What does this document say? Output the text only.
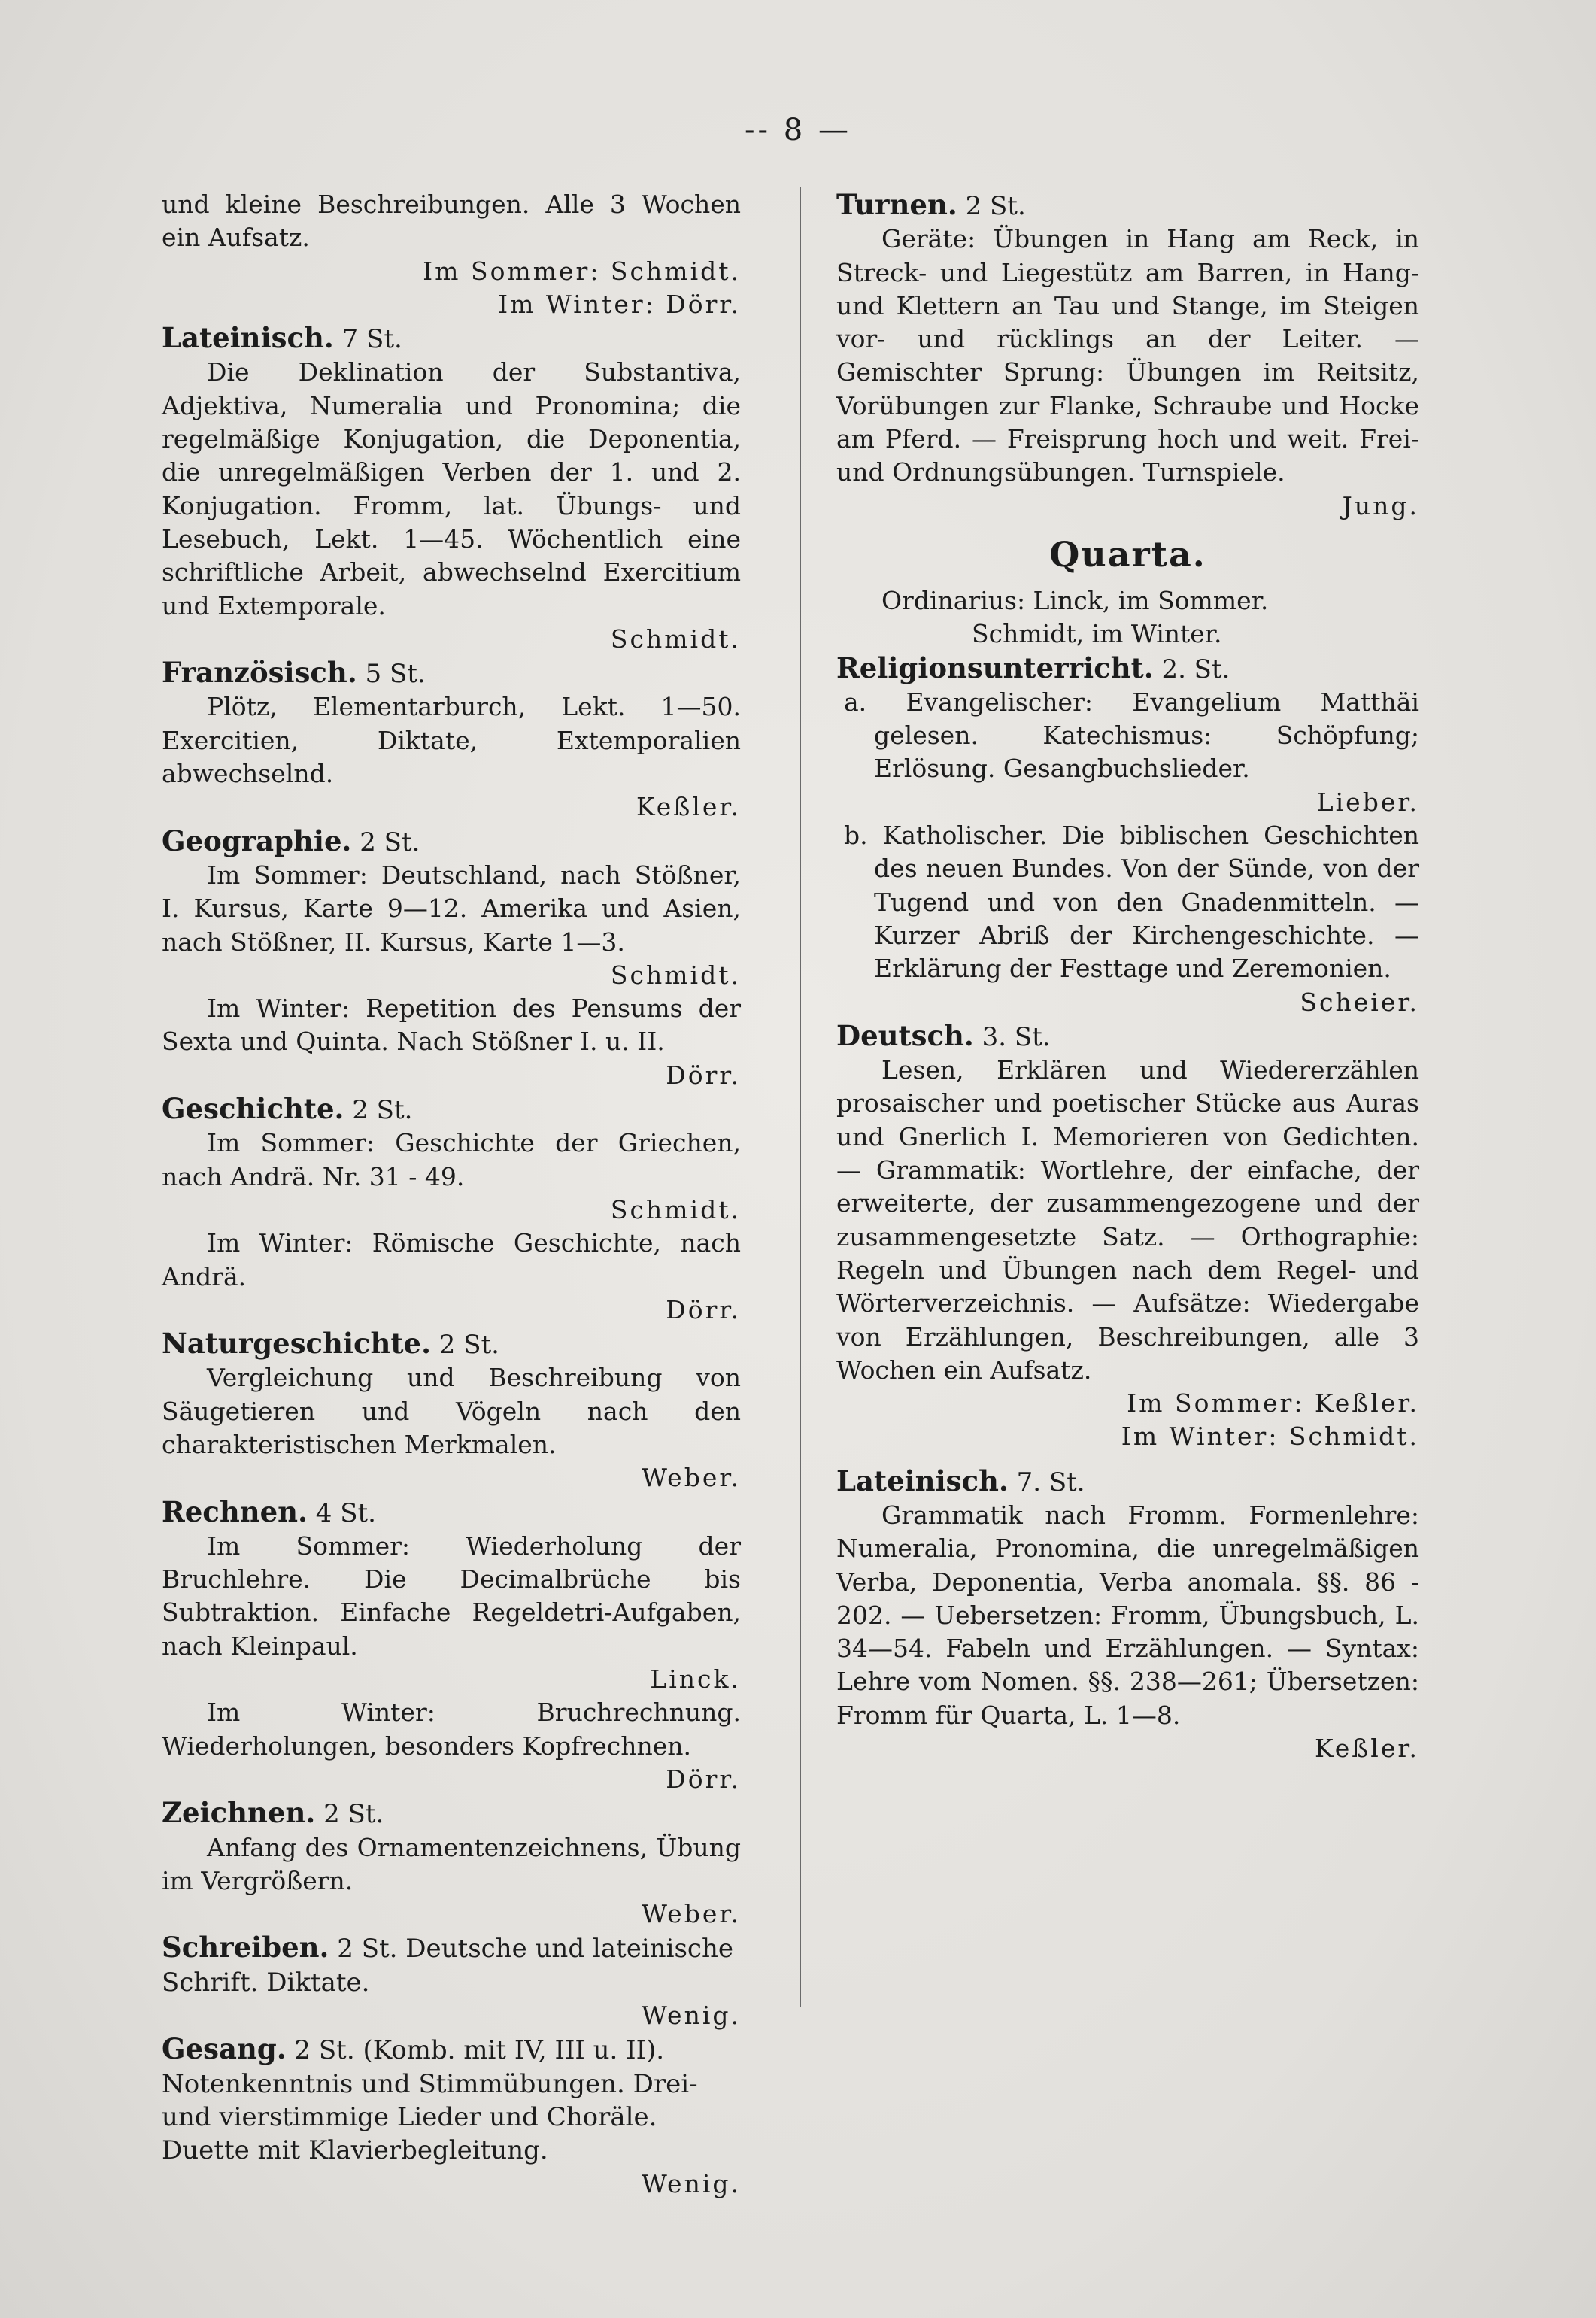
-- 8 —

und kleine Beschreibungen. Alle 3 Wochen ein Aufsatz.

Im Sommer: Schmidt.

Im Winter: Dörr.

Lateinisch. 7 St.

Die Deklination der Substantiva, Adjektiva, Numeralia und Pronomina; die regelmäßige Konjugation, die Deponentia, die unregelmäßigen Verben der 1. und 2. Konjugation. Fromm, lat. Übungs- und Lesebuch, Lekt. 1—45. Wöchentlich eine schriftliche Arbeit, abwechselnd Exercitium und Extemporale.

Schmidt.

Französisch. 5 St.

Plötz, Elementarburch, Lekt. 1—50. Exercitien, Diktate, Extemporalien abwechselnd.

Keßler.

Geographie. 2 St.

Im Sommer: Deutschland, nach Stößner, I. Kursus, Karte 9—12. Amerika und Asien, nach Stößner, II. Kursus, Karte 1—3.

Schmidt.

Im Winter: Repetition des Pensums der Sexta und Quinta. Nach Stößner I. u. II.

Dörr.

Geschichte. 2 St.

Im Sommer: Geschichte der Griechen, nach Andrä. Nr. 31 - 49.

Schmidt.

Im Winter: Römische Geschichte, nach Andrä.

Dörr.

Naturgeschichte. 2 St.

Vergleichung und Beschreibung von Säugetieren und Vögeln nach den charakteristischen Merkmalen.

Weber.

Rechnen. 4 St.

Im Sommer: Wiederholung der Bruchlehre. Die Decimalbrüche bis Subtraktion. Einfache Regeldetri-Aufgaben, nach Kleinpaul.

Linck.

Im Winter: Bruchrechnung. Wiederholungen, besonders Kopfrechnen.

Dörr.

Zeichnen. 2 St.

Anfang des Ornamentenzeichnens, Übung im Vergrößern.

Weber.

Schreiben. 2 St. Deutsche und lateinische Schrift. Diktate.

Wenig.

Gesang. 2 St. (Komb. mit IV, III u. II). Notenkenntnis und Stimmübungen. Drei- und vierstimmige Lieder und Choräle. Duette mit Klavierbegleitung.

Wenig.

Turnen. 2 St.

Geräte: Übungen in Hang am Reck, in Streck- und Liegestütz am Barren, in Hang- und Klettern an Tau und Stange, im Steigen vor- und rücklings an der Leiter. — Gemischter Sprung: Übungen im Reitsitz, Vorübungen zur Flanke, Schraube und Hocke am Pferd. — Freisprung hoch und weit. Frei- und Ordnungsübungen. Turnspiele.

Jung.

Quarta.

Ordinarius: Linck, im Sommer.

Schmidt, im Winter.

Religionsunterricht. 2. St.

a. Evangelischer: Evangelium Matthäi gelesen. Katechismus: Schöpfung; Erlösung. Gesangbuchslieder.

Lieber.

b. Katholischer. Die biblischen Geschichten des neuen Bundes. Von der Sünde, von der Tugend und von den Gnadenmitteln. — Kurzer Abriß der Kirchengeschichte. — Erklärung der Festtage und Zeremonien.

Scheier.

Deutsch. 3. St.

Lesen, Erklären und Wiedererzählen prosaischer und poetischer Stücke aus Auras und Gnerlich I. Memorieren von Gedichten. — Grammatik: Wortlehre, der einfache, der erweiterte, der zusammengezogene und der zusammengesetzte Satz. — Orthographie: Regeln und Übungen nach dem Regel- und Wörterverzeichnis. — Aufsätze: Wiedergabe von Erzählungen, Beschreibungen, alle 3 Wochen ein Aufsatz.

Im Sommer: Keßler.

Im Winter: Schmidt.

Lateinisch. 7. St.

Grammatik nach Fromm. Formenlehre: Numeralia, Pronomina, die unregelmäßigen Verba, Deponentia, Verba anomala. §§. 86 - 202. — Uebersetzen: Fromm, Übungsbuch, L. 34—54. Fabeln und Erzählungen. — Syntax: Lehre vom Nomen. §§. 238—261; Übersetzen: Fromm für Quarta, L. 1—8.

Keßler.
